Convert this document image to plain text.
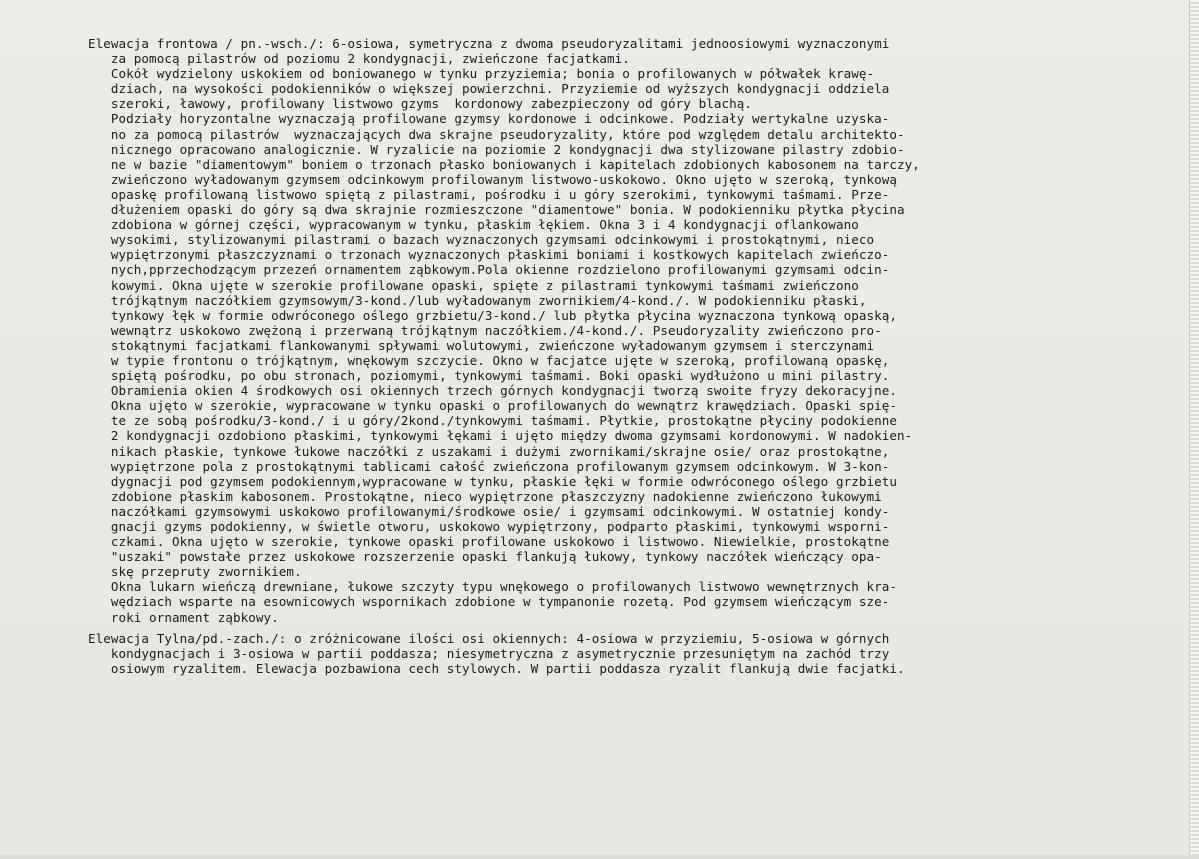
Elewacja frontowa / pn.-wsch./: 6-osiowa, symetryczna z dwoma pseudoryzalitami jednoosiowymi wyznaczonymi
za pomocą pilastrów od poziomu 2 kondygnacji, zwieńczone facjatkami.
Cokół wydzielony uskokiem od boniowanego w tynku przyziemia; bonia o profilowanych w półwałek krawę-
dziach, na wysokości podokienników o większej powierzchni. Przyziemie od wyższych kondygnacji oddziela
szeroki, ławowy, profilowany listwowo gzyms  kordonowy zabezpieczony od góry blachą.
Podziały horyzontalne wyznaczają profilowane gzymsy kordonowe i odcinkowe. Podziały wertykalne uzyska-
no za pomocą pilastrów  wyznaczających dwa skrajne pseudoryzality, które pod względem detalu architekto-
nicznego opracowano analogicznie. W ryzalicie na poziomie 2 kondygnacji dwa stylizowane pilastry zdobio-
ne w bazie "diamentowym" boniem o trzonach płasko boniowanych i kapitelach zdobionych kabosonem na tarczy,
zwieńczono wyładowanym gzymsem odcinkowym profilowanym listwowo-uskokowo. Okno ujęto w szeroką, tynkową
opaskę profilowaną listwowo spiętą z pilastrami, pośrodku i u góry szerokimi, tynkowymi taśmami. Prze-
dłużeniem opaski do góry są dwa skrajnie rozmieszczone "diamentowe" bonia. W podokienniku płytka płycina
zdobiona w górnej części, wypracowanym w tynku, płaskim łękiem. Okna 3 i 4 kondygnacji oflankowano
wysokimi, stylizowanymi pilastrami o bazach wyznaczonych gzymsami odcinkowymi i prostokątnymi, nieco
wypiętrzonymi płaszczyznami o trzonach wyznaczonych płaskimi boniami i kostkowych kapitelach zwieńczo-
nych,pprzechodzącym przezeń ornamentem ząbkowym.Pola okienne rozdzielono profilowanymi gzymsami odcin-
kowymi. Okna ujęte w szerokie profilowane opaski, spięte z pilastrami tynkowymi taśmami zwieńczono
trójkątnym naczółkiem gzymsowym/3-kond./lub wyładowanym zwornikiem/4-kond./. W podokienniku płaski,
tynkowy łęk w formie odwróconego oślego grzbietu/3-kond./ lub płytka płycina wyznaczona tynkową opaską,
wewnątrz uskokowo zwężoną i przerwaną trójkątnym naczółkiem./4-kond./. Pseudoryzality zwieńczono pro-
stokątnymi facjatkami flankowanymi spływami wolutowymi, zwieńczone wyładowanym gzymsem i sterczynami
w typie frontonu o trójkątnym, wnękowym szczycie. Okno w facjatce ujęte w szeroką, profilowaną opaskę,
spiętą pośrodku, po obu stronach, poziomymi, tynkowymi taśmami. Boki opaski wydłużono u mini pilastry.
Obramienia okien 4 środkowych osi okiennych trzech górnych kondygnacji tworzą swoite fryzy dekoracyjne.
Okna ujęto w szerokie, wypracowane w tynku opaski o profilowanych do wewnątrz krawędziach. Opaski spię-
te ze sobą pośrodku/3-kond./ i u góry/2kond./tynkowymi taśmami. Płytkie, prostokątne płyciny podokienne
2 kondygnacji ozdobiono płaskimi, tynkowymi łękami i ujęto między dwoma gzymsami kordonowymi. W nadokien-
nikach płaskie, tynkowe łukowe naczółki z uszakami i dużymi zwornikami/skrajne osie/ oraz prostokątne,
wypiętrzone pola z prostokątnymi tablicami całość zwieńczona profilowanym gzymsem odcinkowym. W 3-kon-
dygnacji pod gzymsem podokiennym,wypracowane w tynku, płaskie łęki w formie odwróconego oślego grzbietu
zdobione płaskim kabosonem. Prostokątne, nieco wypiętrzone płaszczyzny nadokienne zwieńczono łukowymi
naczółkami gzymsowymi uskokowo profilowanymi/środkowe osie/ i gzymsami odcinkowymi. W ostatniej kondy-
gnacji gzyms podokienny, w świetle otworu, uskokowo wypiętrzony, podparto płaskimi, tynkowymi wsporni-
czkami. Okna ujęto w szerokie, tynkowe opaski profilowane uskokowo i listwowo. Niewielkie, prostokątne
"uszaki" powstałe przez uskokowe rozszerzenie opaski flankują łukowy, tynkowy naczółek wieńczący opa-
skę przepruty zwornikiem.
Okna lukarn wieńczą drewniane, łukowe szczyty typu wnękowego o profilowanych listwowo wewnętrznych kra-
wędziach wsparte na esownicowych wspornikach zdobione w tympanonie rozetą. Pod gzymsem wieńczącym sze-
roki ornament ząbkowy.
Elewacja Tylna/pd.-zach./: o zróżnicowane ilości osi okiennych: 4-osiowa w przyziemiu, 5-osiowa w górnych
kondygnacjach i 3-osiowa w partii poddasza; niesymetryczna z asymetrycznie przesuniętym na zachód trzy
osiowym ryzalitem. Elewacja pozbawiona cech stylowych. W partii poddasza ryzalit flankują dwie facjatki.
